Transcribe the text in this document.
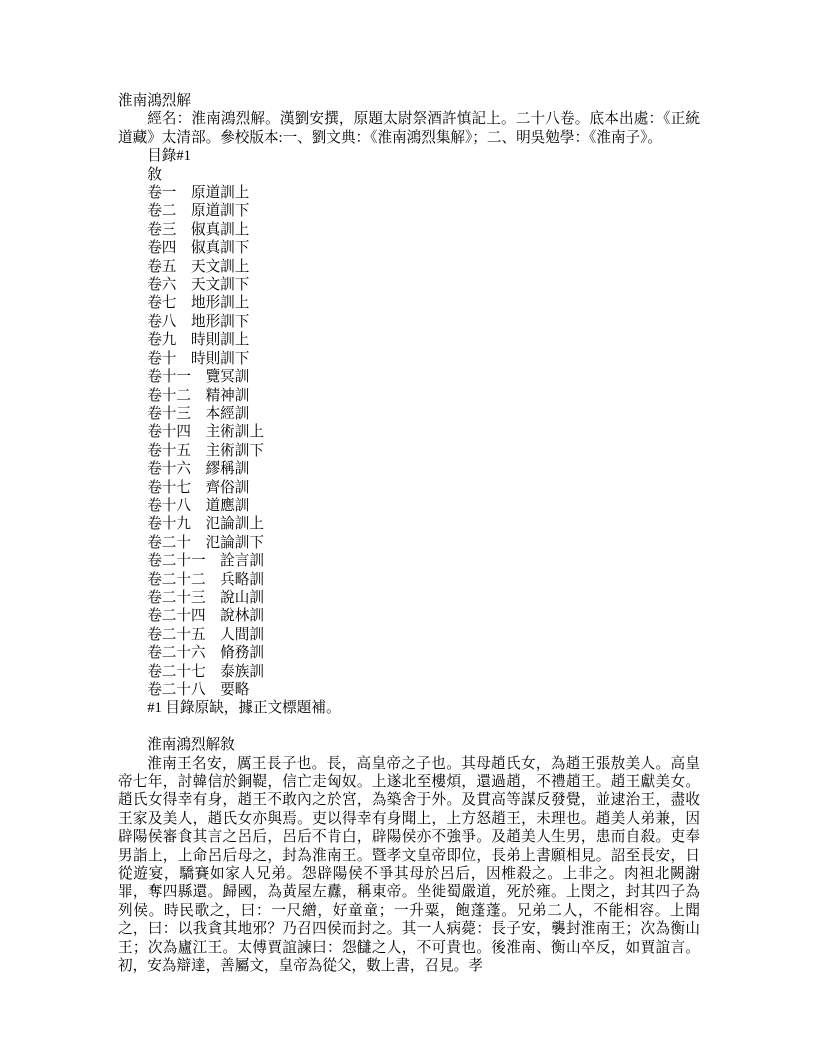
淮南鴻烈解

經名：淮南鴻烈解。漢劉安撰，原題太尉祭酒許慎記上。二十八卷。底本出處：《正統道藏》太清部。參校版本:一、劉文典：《淮南鴻烈集解》；二、明吳勉學：《淮南子》。

目錄#1
敘
卷一 原道訓上
卷二 原道訓下
卷三 俶真訓上
卷四 俶真訓下
卷五 天文訓上
卷六 天文訓下
卷七 地形訓上
卷八 地形訓下
卷九 時則訓上
卷十 時則訓下
卷十一 覽冥訓
卷十二 精神訓
卷十三 本經訓
卷十四 主術訓上
卷十五 主術訓下
卷十六 繆稱訓
卷十七 齊俗訓
卷十八 道應訓
卷十九 氾論訓上
卷二十 氾論訓下
卷二十一 詮言訓
卷二十二 兵略訓
卷二十三 說山訓
卷二十四 說林訓
卷二十五 人間訓
卷二十六 脩務訓
卷二十七 泰族訓
卷二十八 要略
#1 目錄原缺，據正文標題補。
淮南鴻烈解敘

淮南王名安，厲王長子也。長，高皇帝之子也。其母趙氏女，為趙王張敖美人。高皇帝七年，討韓信於銅鞮，信亡走匈奴。上遂北至樓煩，還過趙，不禮趙王。趙王獻美女。趙氏女得幸有身，趙王不敢內之於宮，為築舍于外。及貫高等謀反發覺，並逮治王，盡收王家及美人，趙氏女亦與焉。吏以得幸有身聞上，上方怒趙王，未理也。趙美人弟兼，因辟陽侯審食其言之呂后，呂后不肯白，辟陽侯亦不強爭。及趙美人生男，患而自殺。吏奉男詣上，上命呂后母之，封為淮南王。暨孝文皇帝即位，長弟上書願相見。詔至長安，日從遊宴，驕賽如家人兄弟。怨辟陽侯不爭其母於呂后，因椎殺之。上非之。肉袒北闕謝罪，奪四縣還。歸國，為黃屋左纛，稱東帝。坐徙蜀嚴道，死於雍。上閔之，封其四子為列侯。時民歌之，曰：一尺繒，好童童；一升粟，飽蓬蓬。兄弟二人，不能相容。上聞之，曰：以我貪其地邪？乃召四侯而封之。其一人病薨：長子安，襲封淮南王；次為衡山王；次為廬江王。太傅賈誼諫曰：怨讎之人，不可貴也。後淮南、衡山卒反，如賈誼言。初，安為辯達，善屬文，皇帝為從父，數上書，召見。孝
